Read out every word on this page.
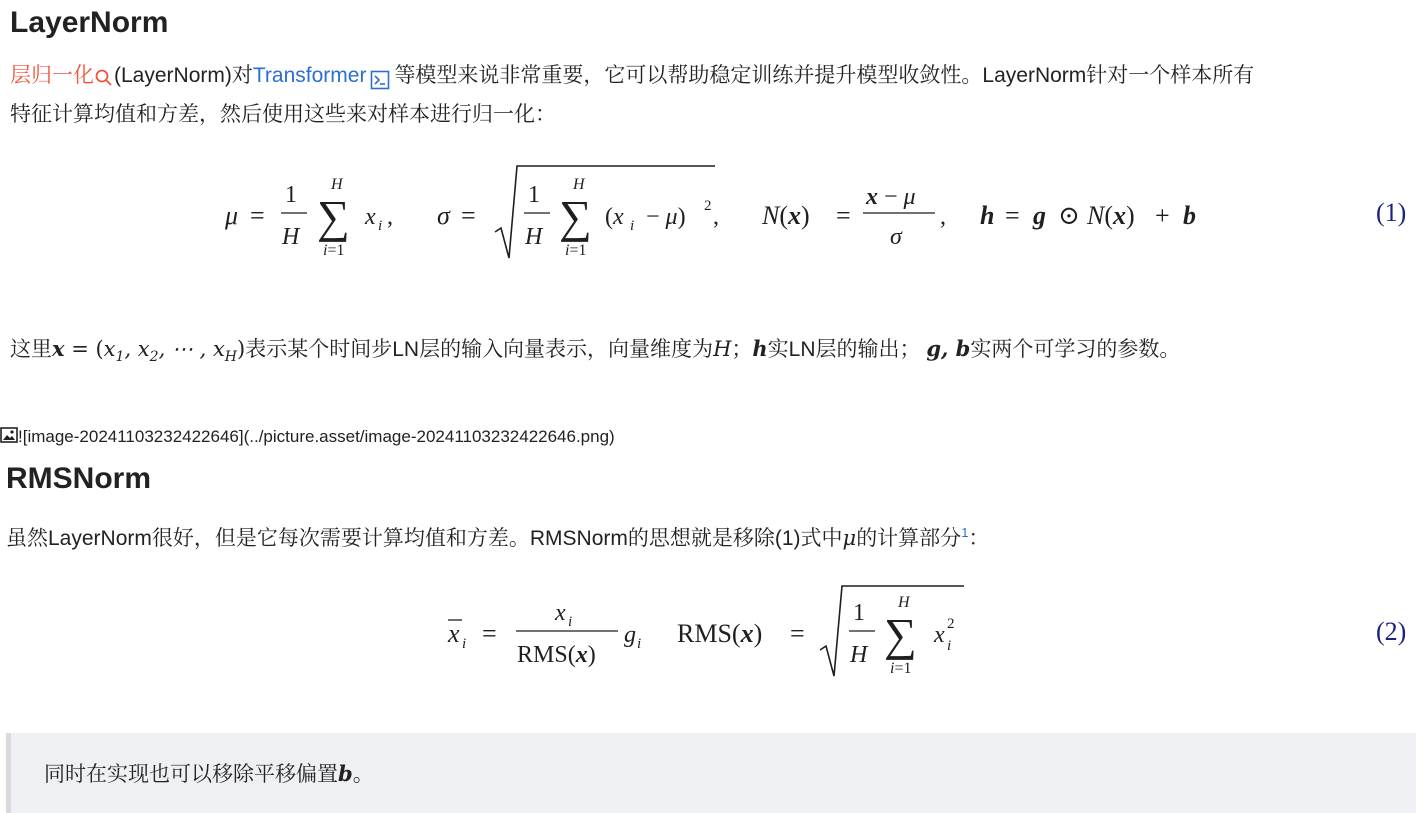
LayerNorm
层归一化 (LayerNorm)对Transformer 等模型来说非常重要，它可以帮助稳定训练并提升模型收敛性。LayerNorm针对一个样本所有
特征计算均值和方差，然后使用这些来对样本进行归一化：
μ =
1
H
H
∑
i=1
x i , σ =
1
H
H
∑
i=1
(x i − μ) 2 , N(x) =
x − μ
σ
, h = g ⊙ N(x) + b	(1)
这里$x = (x_1$, $x_2$, ⋯ , $x_H$)表示某个时间步LN层的输入向量表示，向量维度为H；h实LN层的输出； g, b实两个可学习的参数。
![image-20241103232422646](../picture.asset/image-20241103232422646.png)
RMSNorm
虽然LayerNorm很好，但是它每次需要计算均值和方差。RMSNorm的思想就是移除(1)式中μ的计算部分$^1$：
x i =
x i
RMS(x)
g i RMS(x) =
1
H
H
∑
i=1
x 2
i	(2)
同时在实现也可以移除平移偏置b。
